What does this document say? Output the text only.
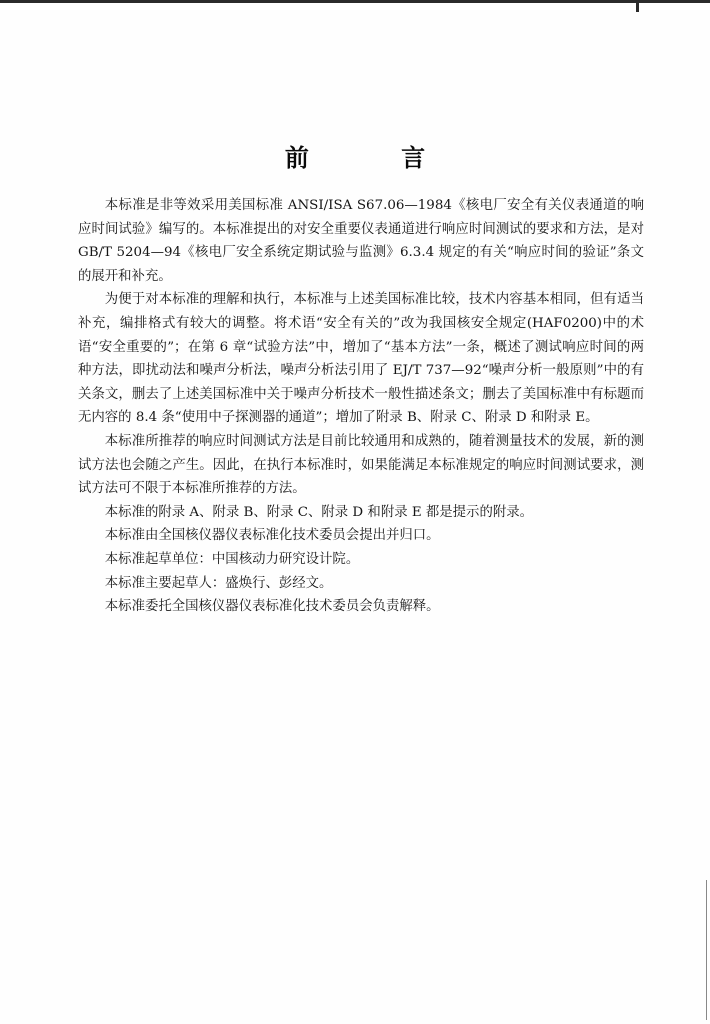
前 言

本标准是非等效采用美国标准 ANSI/ISA S67.06—1984《核电厂安全有关仪表通道的响应时间试验》编写的。本标准提出的对安全重要仪表通道进行响应时间测试的要求和方法，是对 GB/T 5204—94《核电厂安全系统定期试验与监测》6.3.4 规定的有关“响应时间的验证”条文的展开和补充。

为便于对本标准的理解和执行，本标准与上述美国标准比较，技术内容基本相同，但有适当补充，编排格式有较大的调整。将术语“安全有关的”改为我国核安全规定(HAF0200)中的术语“安全重要的”；在第 6 章“试验方法”中，增加了“基本方法”一条，概述了测试响应时间的两种方法，即扰动法和噪声分析法，噪声分析法引用了 EJ/T 737—92“噪声分析一般原则”中的有关条文，删去了上述美国标准中关于噪声分析技术一般性描述条文；删去了美国标准中有标题而无内容的 8.4 条“使用中子探测器的通道”；增加了附录 B、附录 C、附录 D 和附录 E。

本标准所推荐的响应时间测试方法是目前比较通用和成熟的，随着测量技术的发展，新的测试方法也会随之产生。因此，在执行本标准时，如果能满足本标准规定的响应时间测试要求，测试方法可不限于本标准所推荐的方法。

本标准的附录 A、附录 B、附录 C、附录 D 和附录 E 都是提示的附录。

本标准由全国核仪器仪表标准化技术委员会提出并归口。

本标准起草单位：中国核动力研究设计院。

本标准主要起草人：盛焕行、彭经文。

本标准委托全国核仪器仪表标准化技术委员会负责解释。
